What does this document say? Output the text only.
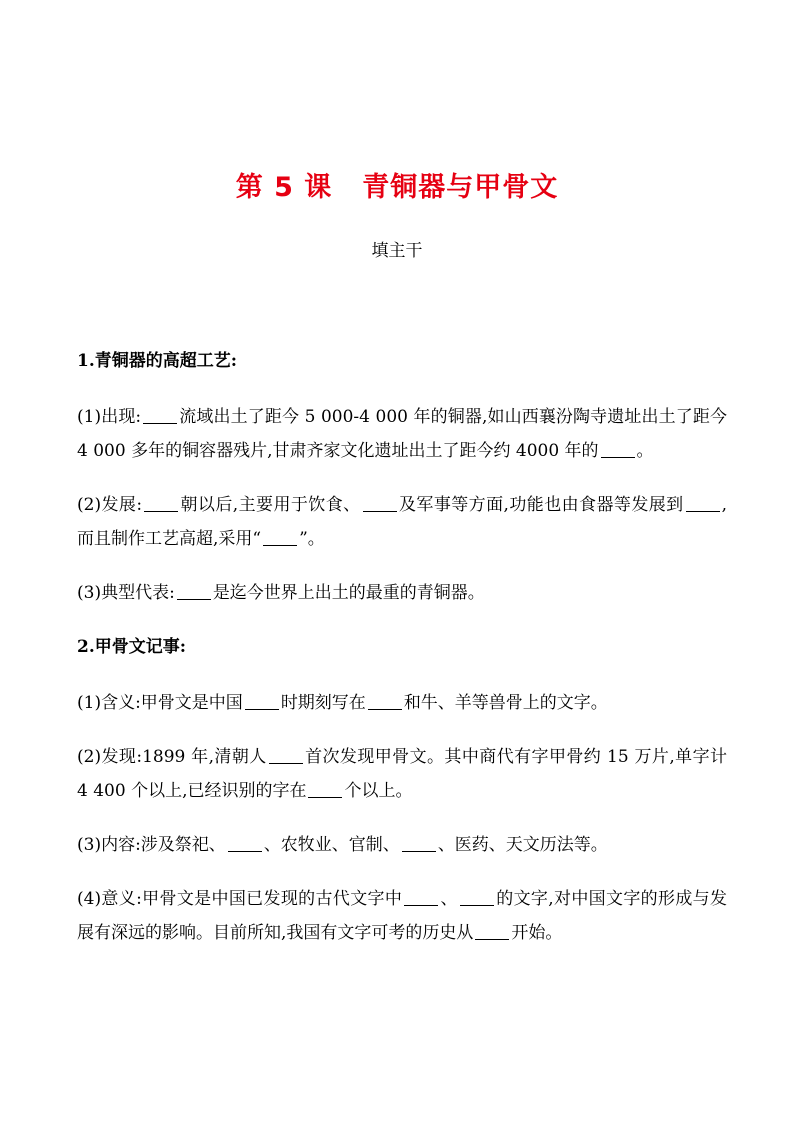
第 5 课 青铜器与甲骨文
填主干

1.青铜器的高超工艺:

(1)出现: 流域出土了距今 5 000-4 000 年的铜器,如山西襄汾陶寺遗址出土了距今 4 000 多年的铜容器残片,甘肃齐家文化遗址出土了距今约 4000 年的 。

(2)发展: 朝以后,主要用于饮食、 及军事等方面,功能也由食器等发展到 ,而且制作工艺高超,采用“ ”。

(3)典型代表: 是迄今世界上出土的最重的青铜器。

2.甲骨文记事:

(1)含义:甲骨文是中国 时期刻写在 和牛、羊等兽骨上的文字。

(2)发现:1899 年,清朝人 首次发现甲骨文。其中商代有字甲骨约 15 万片,单字计 4 400 个以上,已经识别的字在 个以上。

(3)内容:涉及祭祀、 、农牧业、官制、 、医药、天文历法等。

(4)意义:甲骨文是中国已发现的古代文字中 、 的文字,对中国文字的形成与发展有深远的影响。目前所知,我国有文字可考的历史从 开始。
